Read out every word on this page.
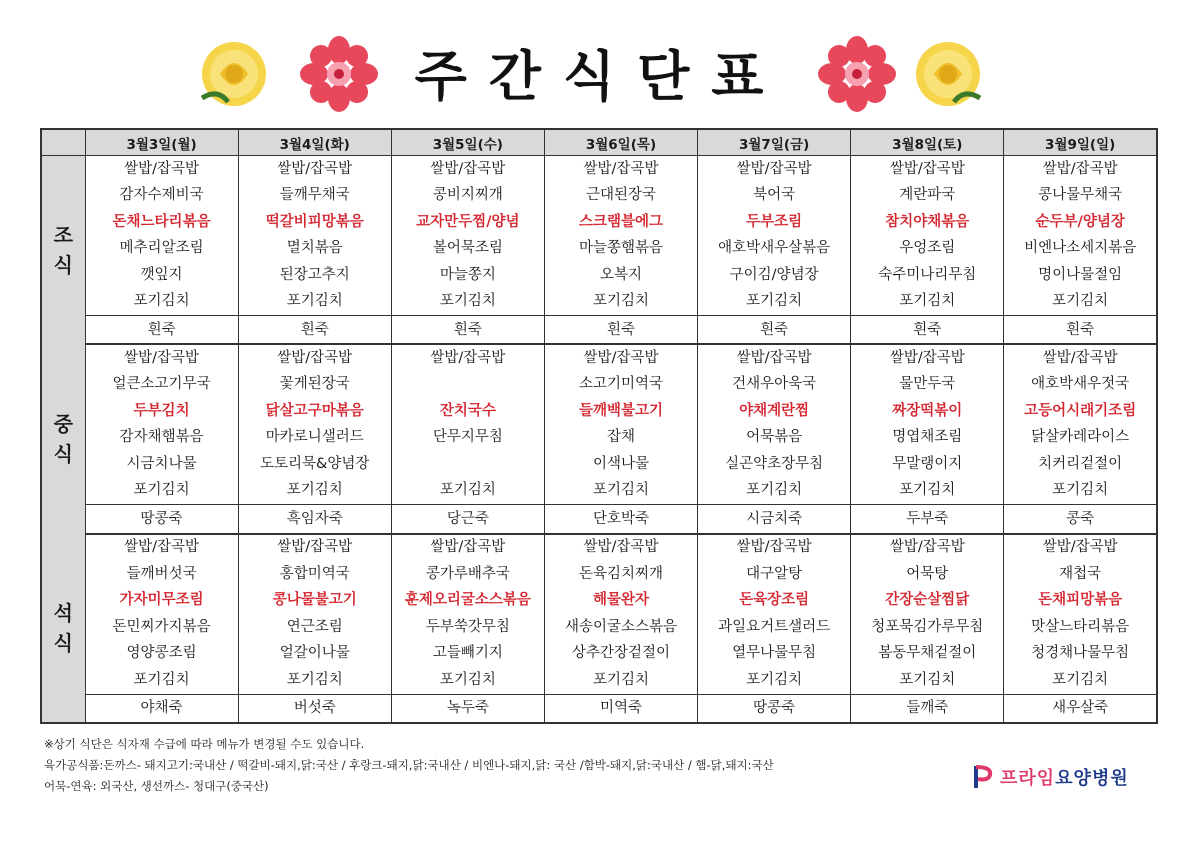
주간식단표
	3월3일(월)	3월4일(화)	3월5일(수)	3월6일(목)	3월7일(금)	3월8일(토)	3월9일(일)

조
식	쌀밥/잡곡밥	쌀밥/잡곡밥	쌀밥/잡곡밥	쌀밥/잡곡밥	쌀밥/잡곡밥	쌀밥/잡곡밥	쌀밥/잡곡밥
	감자수제비국	들깨무채국	콩비지찌개	근대된장국	북어국	계란파국	콩나물무채국
	돈채느타리볶음	떡갈비피망볶음	교자만두찜/양념	스크램블에그	두부조림	참치야채볶음	순두부/양념장
	메추리알조림	멸치볶음	볼어묵조림	마늘쫑햄볶음	애호박새우살볶음	우엉조림	비엔나소세지볶음
	깻잎지	된장고추지	마늘쫑지	오복지	구이김/양념장	숙주미나리무침	명이나물절임
	포기김치	포기김치	포기김치	포기김치	포기김치	포기김치	포기김치
	흰죽	흰죽	흰죽	흰죽	흰죽	흰죽	흰죽

중
식	쌀밥/잡곡밥	쌀밥/잡곡밥	쌀밥/잡곡밥	쌀밥/잡곡밥	쌀밥/잡곡밥	쌀밥/잡곡밥	쌀밥/잡곡밥
	얼큰소고기무국	꽃게된장국		소고기미역국	건새우아욱국	물만두국	애호박새우젓국
	두부김치	닭살고구마볶음	잔치국수	들깨백불고기	야채계란찜	짜장떡볶이	고등어시래기조림
	감자채햄볶음	마카로니샐러드	단무지무침	잡채	어묵볶음	명엽채조림	닭살카레라이스
	시금치나물	도토리묵&양념장		이색나물	실곤약초장무침	무말랭이지	치커리겉절이
	포기김치	포기김치	포기김치	포기김치	포기김치	포기김치	포기김치
	땅콩죽	흑임자죽	당근죽	단호박죽	시금치죽	두부죽	콩죽

석
식	쌀밥/잡곡밥	쌀밥/잡곡밥	쌀밥/잡곡밥	쌀밥/잡곡밥	쌀밥/잡곡밥	쌀밥/잡곡밥	쌀밥/잡곡밥
	들깨버섯국	홍합미역국	콩가루배추국	돈육김치찌개	대구알탕	어묵탕	재첩국
	가자미무조림	콩나물불고기	훈제오리굴소스볶음	해물완자	돈육장조림	간장순살찜닭	돈채피망볶음
	돈민찌가지볶음	연근조림	두부쑥갓무침	새송이굴소스볶음	과일요거트샐러드	청포묵김가루무침	맛살느타리볶음
	영양콩조림	얼갈이나물	고들빼기지	상추간장겉절이	열무나물무침	봄동무채겉절이	청경채나물무침
	포기김치	포기김치	포기김치	포기김치	포기김치	포기김치	포기김치
	야채죽	버섯죽	녹두죽	미역죽	땅콩죽	들깨죽	새우살죽
※상기 식단은 식자재 수급에 따라 메뉴가 변경될 수도 있습니다.
육가공식품:돈까스- 돼지고기:국내산 / 떡갈비-돼지,닭:국산 / 후랑크-돼지,닭:국내산 / 비엔나-돼지,닭: 국산 /함박-돼지,닭:국내산 / 햄-닭,돼지:국산
어묵-연육: 외국산, 생선까스- 청대구(중국산)	프라임요양병원
